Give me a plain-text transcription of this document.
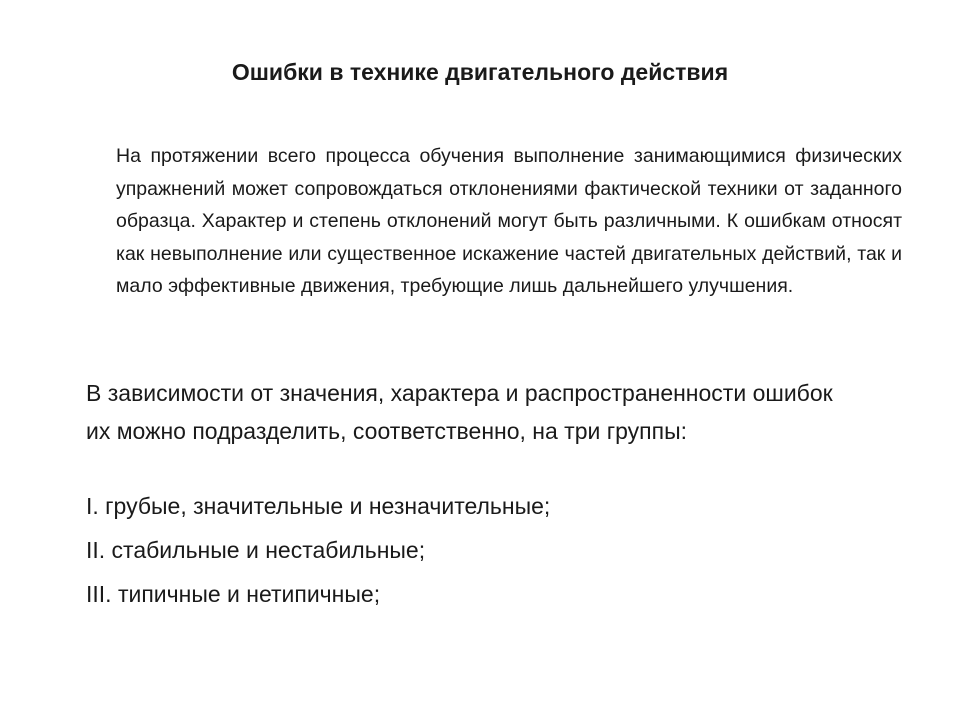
Ошибки в технике двигательного действия

На протяжении всего процесса обучения выполнение занимающимися физических упражнений может сопровождаться отклонениями фактической техники от заданного образца. Характер и степень отклонений могут быть различными. К ошибкам относят как невыполнение или существенное искажение частей двигательных действий, так и мало эффективные движения, требующие лишь дальнейшего улучшения.

В зависимости от значения, характера и распространенности ошибок их можно подразделить, соответственно, на три группы:

I. грубые, значительные и незначительные;
II. стабильные и нестабильные;
III. типичные и нетипичные;
